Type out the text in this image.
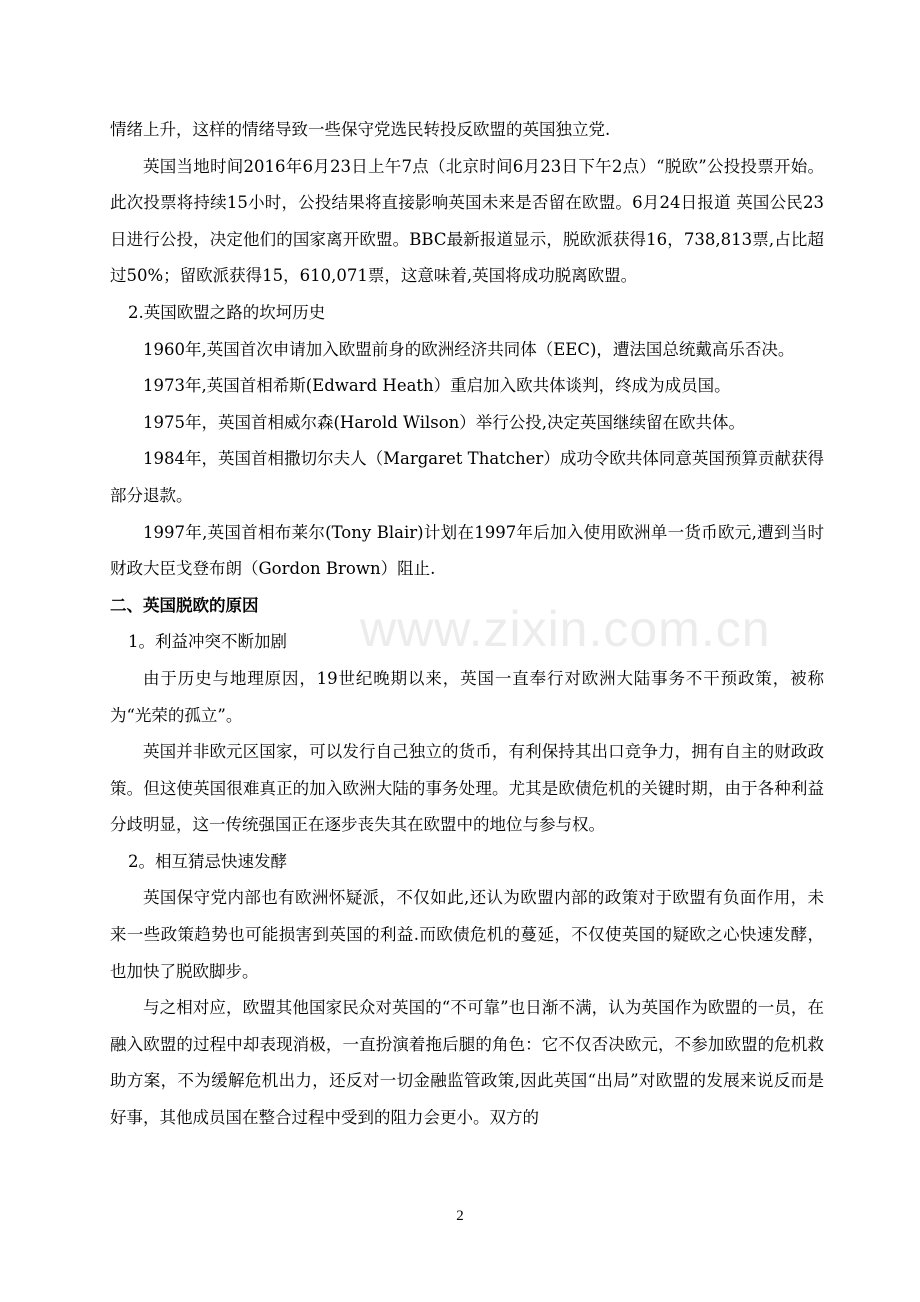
情绪上升，这样的情绪导致一些保守党选民转投反欧盟的英国独立党.

英国当地时间2016年6月23日上午7点（北京时间6月23日下午2点）“脱欧”公投投票开始。此次投票将持续15小时，公投结果将直接影响英国未来是否留在欧盟。6月24日报道 英国公民23日进行公投，决定他们的国家离开欧盟。BBC最新报道显示，脱欧派获得16，738,813票,占比超过50%；留欧派获得15，610,071票，这意味着,英国将成功脱离欧盟。

2.英国欧盟之路的坎坷历史

1960年,英国首次申请加入欧盟前身的欧洲经济共同体（EEC)，遭法国总统戴高乐否决。

1973年,英国首相希斯(Edward Heath）重启加入欧共体谈判，终成为成员国。

1975年，英国首相威尔森(Harold Wilson）举行公投,决定英国继续留在欧共体。

1984年，英国首相撒切尔夫人（Margaret Thatcher）成功令欧共体同意英国预算贡献获得部分退款。

1997年,英国首相布莱尔(Tony Blair)计划在1997年后加入使用欧洲单一货币欧元,遭到当时财政大臣戈登布朗（Gordon Brown）阻止.

二、英国脱欧的原因

1。利益冲突不断加剧

由于历史与地理原因，19世纪晚期以来，英国一直奉行对欧洲大陆事务不干预政策，被称为“光荣的孤立”。

英国并非欧元区国家，可以发行自己独立的货币，有利保持其出口竞争力，拥有自主的财政政策。但这使英国很难真正的加入欧洲大陆的事务处理。尤其是欧债危机的关键时期，由于各种利益分歧明显，这一传统强国正在逐步丧失其在欧盟中的地位与参与权。

2。相互猜忌快速发酵

英国保守党内部也有欧洲怀疑派，不仅如此,还认为欧盟内部的政策对于欧盟有负面作用，未来一些政策趋势也可能损害到英国的利益.而欧债危机的蔓延，不仅使英国的疑欧之心快速发酵，也加快了脱欧脚步。

与之相对应，欧盟其他国家民众对英国的“不可靠”也日渐不满，认为英国作为欧盟的一员，在融入欧盟的过程中却表现消极，一直扮演着拖后腿的角色：它不仅否决欧元，不参加欧盟的危机救助方案，不为缓解危机出力，还反对一切金融监管政策,因此英国“出局”对欧盟的发展来说反而是好事，其他成员国在整合过程中受到的阻力会更小。双方的

www.zixin.com.cn
2
